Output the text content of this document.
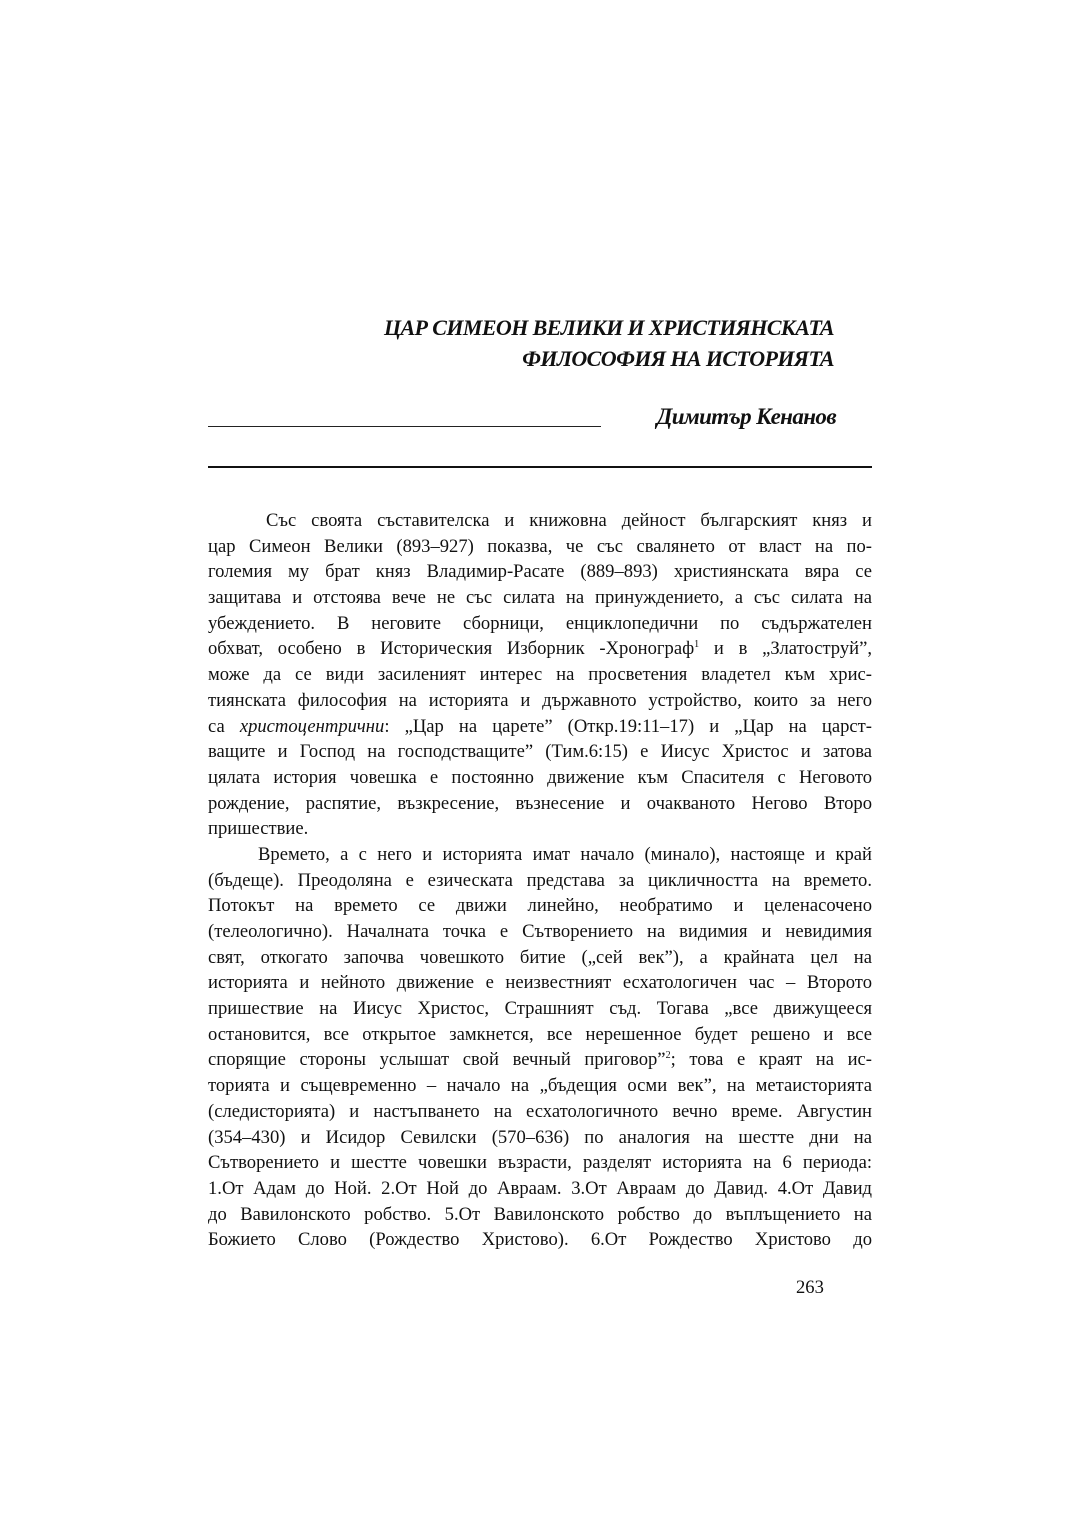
ЦАР СИМЕОН ВЕЛИКИ И ХРИСТИЯНСКАТА
ФИЛОСОФИЯ НА ИСТОРИЯТА
Димитър Кенанов
Със своята съставителска и книжовна дейност българският княз и
цар Симеон Велики (893–927) показва, че със свалянето от власт на по-
големия му брат княз Владимир-Расате (889–893) християнската вяра се
защитава и отстоява вече не със силата на принуждението, а със силата на
убеждението. В неговите сборници, енциклопедични по съдържателен
обхват, особено в Историческия Изборник -Хронограф$^1$ и в „Златоструй”,
може да се види засиленият интерес на просветения владетел към хрис-
тиянската философия на историята и държавното устройство, които за него
са христоцентрични: „Цар на царете” (Откр.19:11–17) и „Цар на царст-
ващите и Господ на господстващите” (Тим.6:15) е Иисус Христос и затова
цялата история човешка е постоянно движение към Спасителя с Неговото
рождение, распятие, възкресение, възнесение и очакваното Негово Второ
пришествие.
Времето, а с него и историята имат начало (минало), настояще и край
(бъдеще). Преодоляна е езическата представа за цикличността на времето.
Потокът на времето се движи линейно, необратимо и целенасочено
(телеологично). Началната точка е Сътворението на видимия и невидимия
свят, откогато започва човешкото битие („сей век”), а крайната цел на
историята и нейното движение е неизвестният есхатологичен час – Второто
пришествие на Иисус Христос, Страшният съд. Тогава „все движущееся
остановится, все открытое замкнется, все нерешенное будет решено и все
спорящие стороны услышат свой вечный приговор”$^2$; това е краят на ис-
торията и същевременно – начало на „бъдещия осми век”, на метаисторията
(следисторията) и настъпването на есхатологичното вечно време. Августин
(354–430) и Исидор Севилски (570–636) по аналогия на шестте дни на
Сътворението и шестте човешки възрасти, разделят историята на 6 периода:
1.От Адам до Ной. 2.От Ной до Авраам. 3.От Авраам до Давид. 4.От Давид
до Вавилонското робство. 5.От Вавилонското робство до въплъщението на
Божието Слово (Рождество Христово). 6.От Рождество Христово до
263
